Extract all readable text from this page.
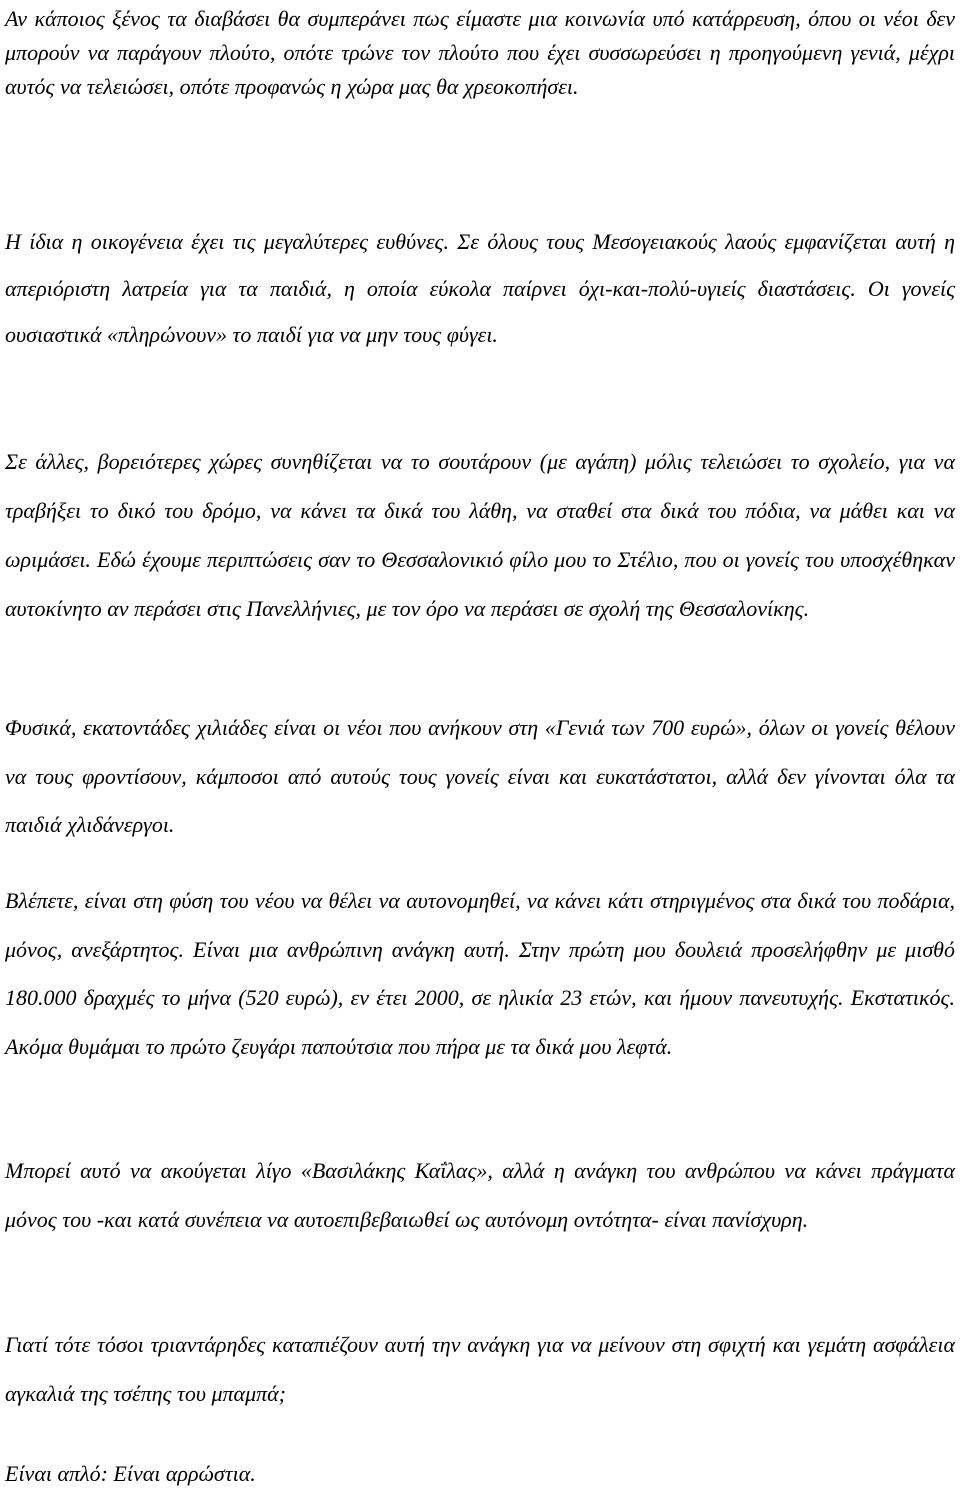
Αν κάποιος ξένος τα διαβάσει θα συμπεράνει πως είμαστε μια κοινωνία υπό κατάρρευση, όπου οι νέοι δεν μπορούν να παράγουν πλούτο, οπότε τρώνε τον πλούτο που έχει συσσωρεύσει η προηγούμενη γενιά, μέχρι αυτός να τελειώσει, οπότε προφανώς η χώρα μας θα χρεοκοπήσει.

Η ίδια η οικογένεια έχει τις μεγαλύτερες ευθύνες. Σε όλους τους Μεσογειακούς λαούς εμφανίζεται αυτή η απεριόριστη λατρεία για τα παιδιά, η οποία εύκολα παίρνει όχι-και-πολύ-υγιείς διαστάσεις. Οι γονείς ουσιαστικά «πληρώνουν» το παιδί για να μην τους φύγει.

Σε άλλες, βορειότερες χώρες συνηθίζεται να το σουτάρουν (με αγάπη) μόλις τελειώσει το σχολείο, για να τραβήξει το δικό του δρόμο, να κάνει τα δικά του λάθη, να σταθεί στα δικά του πόδια, να μάθει και να ωριμάσει. Εδώ έχουμε περιπτώσεις σαν το Θεσσαλονικιό φίλο μου το Στέλιο, που οι γονείς του υποσχέθηκαν αυτοκίνητο αν περάσει στις Πανελλήνιες, με τον όρο να περάσει σε σχολή της Θεσσαλονίκης.

Φυσικά, εκατοντάδες χιλιάδες είναι οι νέοι που ανήκουν στη «Γενιά των 700 ευρώ», όλων οι γονείς θέλουν να τους φροντίσουν, κάμποσοι από αυτούς τους γονείς είναι και ευκατάστατοι, αλλά δεν γίνονται όλα τα παιδιά χλιδάνεργοι.

Βλέπετε, είναι στη φύση του νέου να θέλει να αυτονομηθεί, να κάνει κάτι στηριγμένος στα δικά του ποδάρια, μόνος, ανεξάρτητος. Είναι μια ανθρώπινη ανάγκη αυτή. Στην πρώτη μου δουλειά προσελήφθην με μισθό 180.000 δραχμές το μήνα (520 ευρώ), εν έτει 2000, σε ηλικία 23 ετών, και ήμουν πανευτυχής. Εκστατικός. Ακόμα θυμάμαι το πρώτο ζευγάρι παπούτσια που πήρα με τα δικά μου λεφτά.

Μπορεί αυτό να ακούγεται λίγο «Βασιλάκης Καΐλας», αλλά η ανάγκη του ανθρώπου να κάνει πράγματα μόνος του -και κατά συνέπεια να αυτοεπιβεβαιωθεί ως αυτόνομη οντότητα- είναι πανίσχυρη.

Γιατί τότε τόσοι τριαντάρηδες καταπιέζουν αυτή την ανάγκη για να μείνουν στη σφιχτή και γεμάτη ασφάλεια αγκαλιά της τσέπης του μπαμπά;

Είναι απλό: Είναι αρρώστια.
